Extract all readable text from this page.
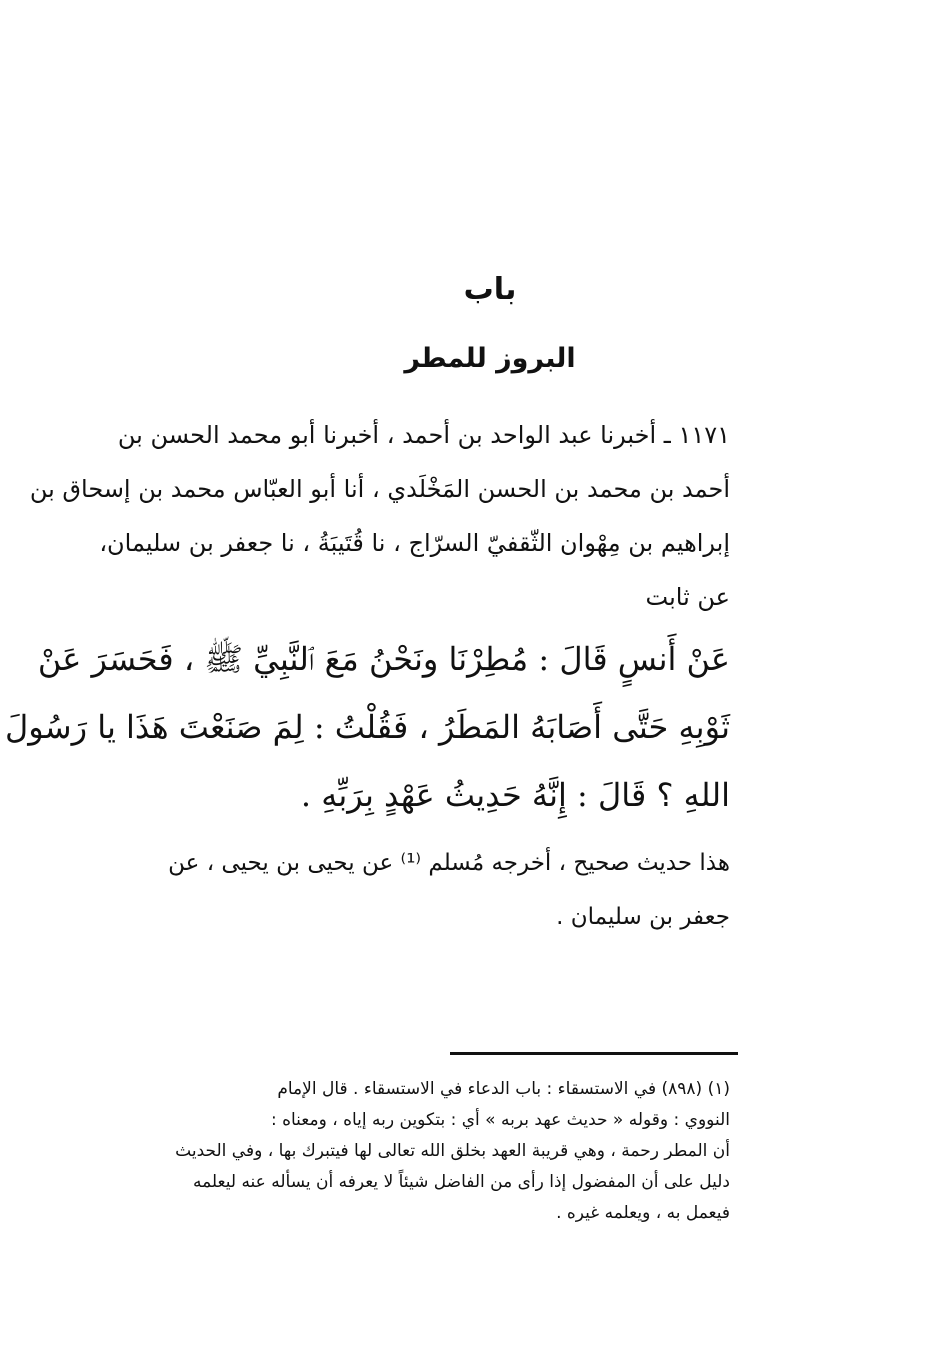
باب
البروز للمطر
١١٧١ ـ أخبرنا عبد الواحد بن أحمد ، أخبرنا أبو محمد الحسن بن
أحمد بن محمد بن الحسن المَخْلَدي ، أنا أبو العبّاس محمد بن إسحاق بن
إبراهيم بن مِهْوان الثّقفيّ السرّاج ، نا قُتَيبَةُ ، نا جعفر بن سليمان،
عن ثابت
عَنْ أَنسٍ قَالَ : مُطِرْنَا ونَحْنُ مَعَ ٱلنَّبِيِّ ﷺ ، فَحَسَرَ عَنْ
ثَوْبِهِ حَتَّى أَصَابَهُ المَطَرُ ، فَقُلْتُ : لِمَ صَنَعْتَ هَذَا يا رَسُولَ
اللهِ ؟ قَالَ : إِنَّهُ حَدِيثُ عَهْدٍ بِرَبِّهِ .
هذا حديث صحيح ، أخرجه مُسلم ⁽¹⁾ عن يحيى بن يحيى ، عن
جعفر بن سليمان .
(١) (٨٩٨) في الاستسقاء : باب الدعاء في الاستسقاء . قال الإمام
النووي : وقوله « حديث عهد بربه » أي : بتكوين ربه إياه ، ومعناه :
أن المطر رحمة ، وهي قريبة العهد بخلق الله تعالى لها فيتبرك بها ، وفي الحديث
دليل على أن المفضول إذا رأى من الفاضل شيئاً لا يعرفه أن يسأله عنه ليعلمه
فيعمل به ، ويعلمه غيره .
